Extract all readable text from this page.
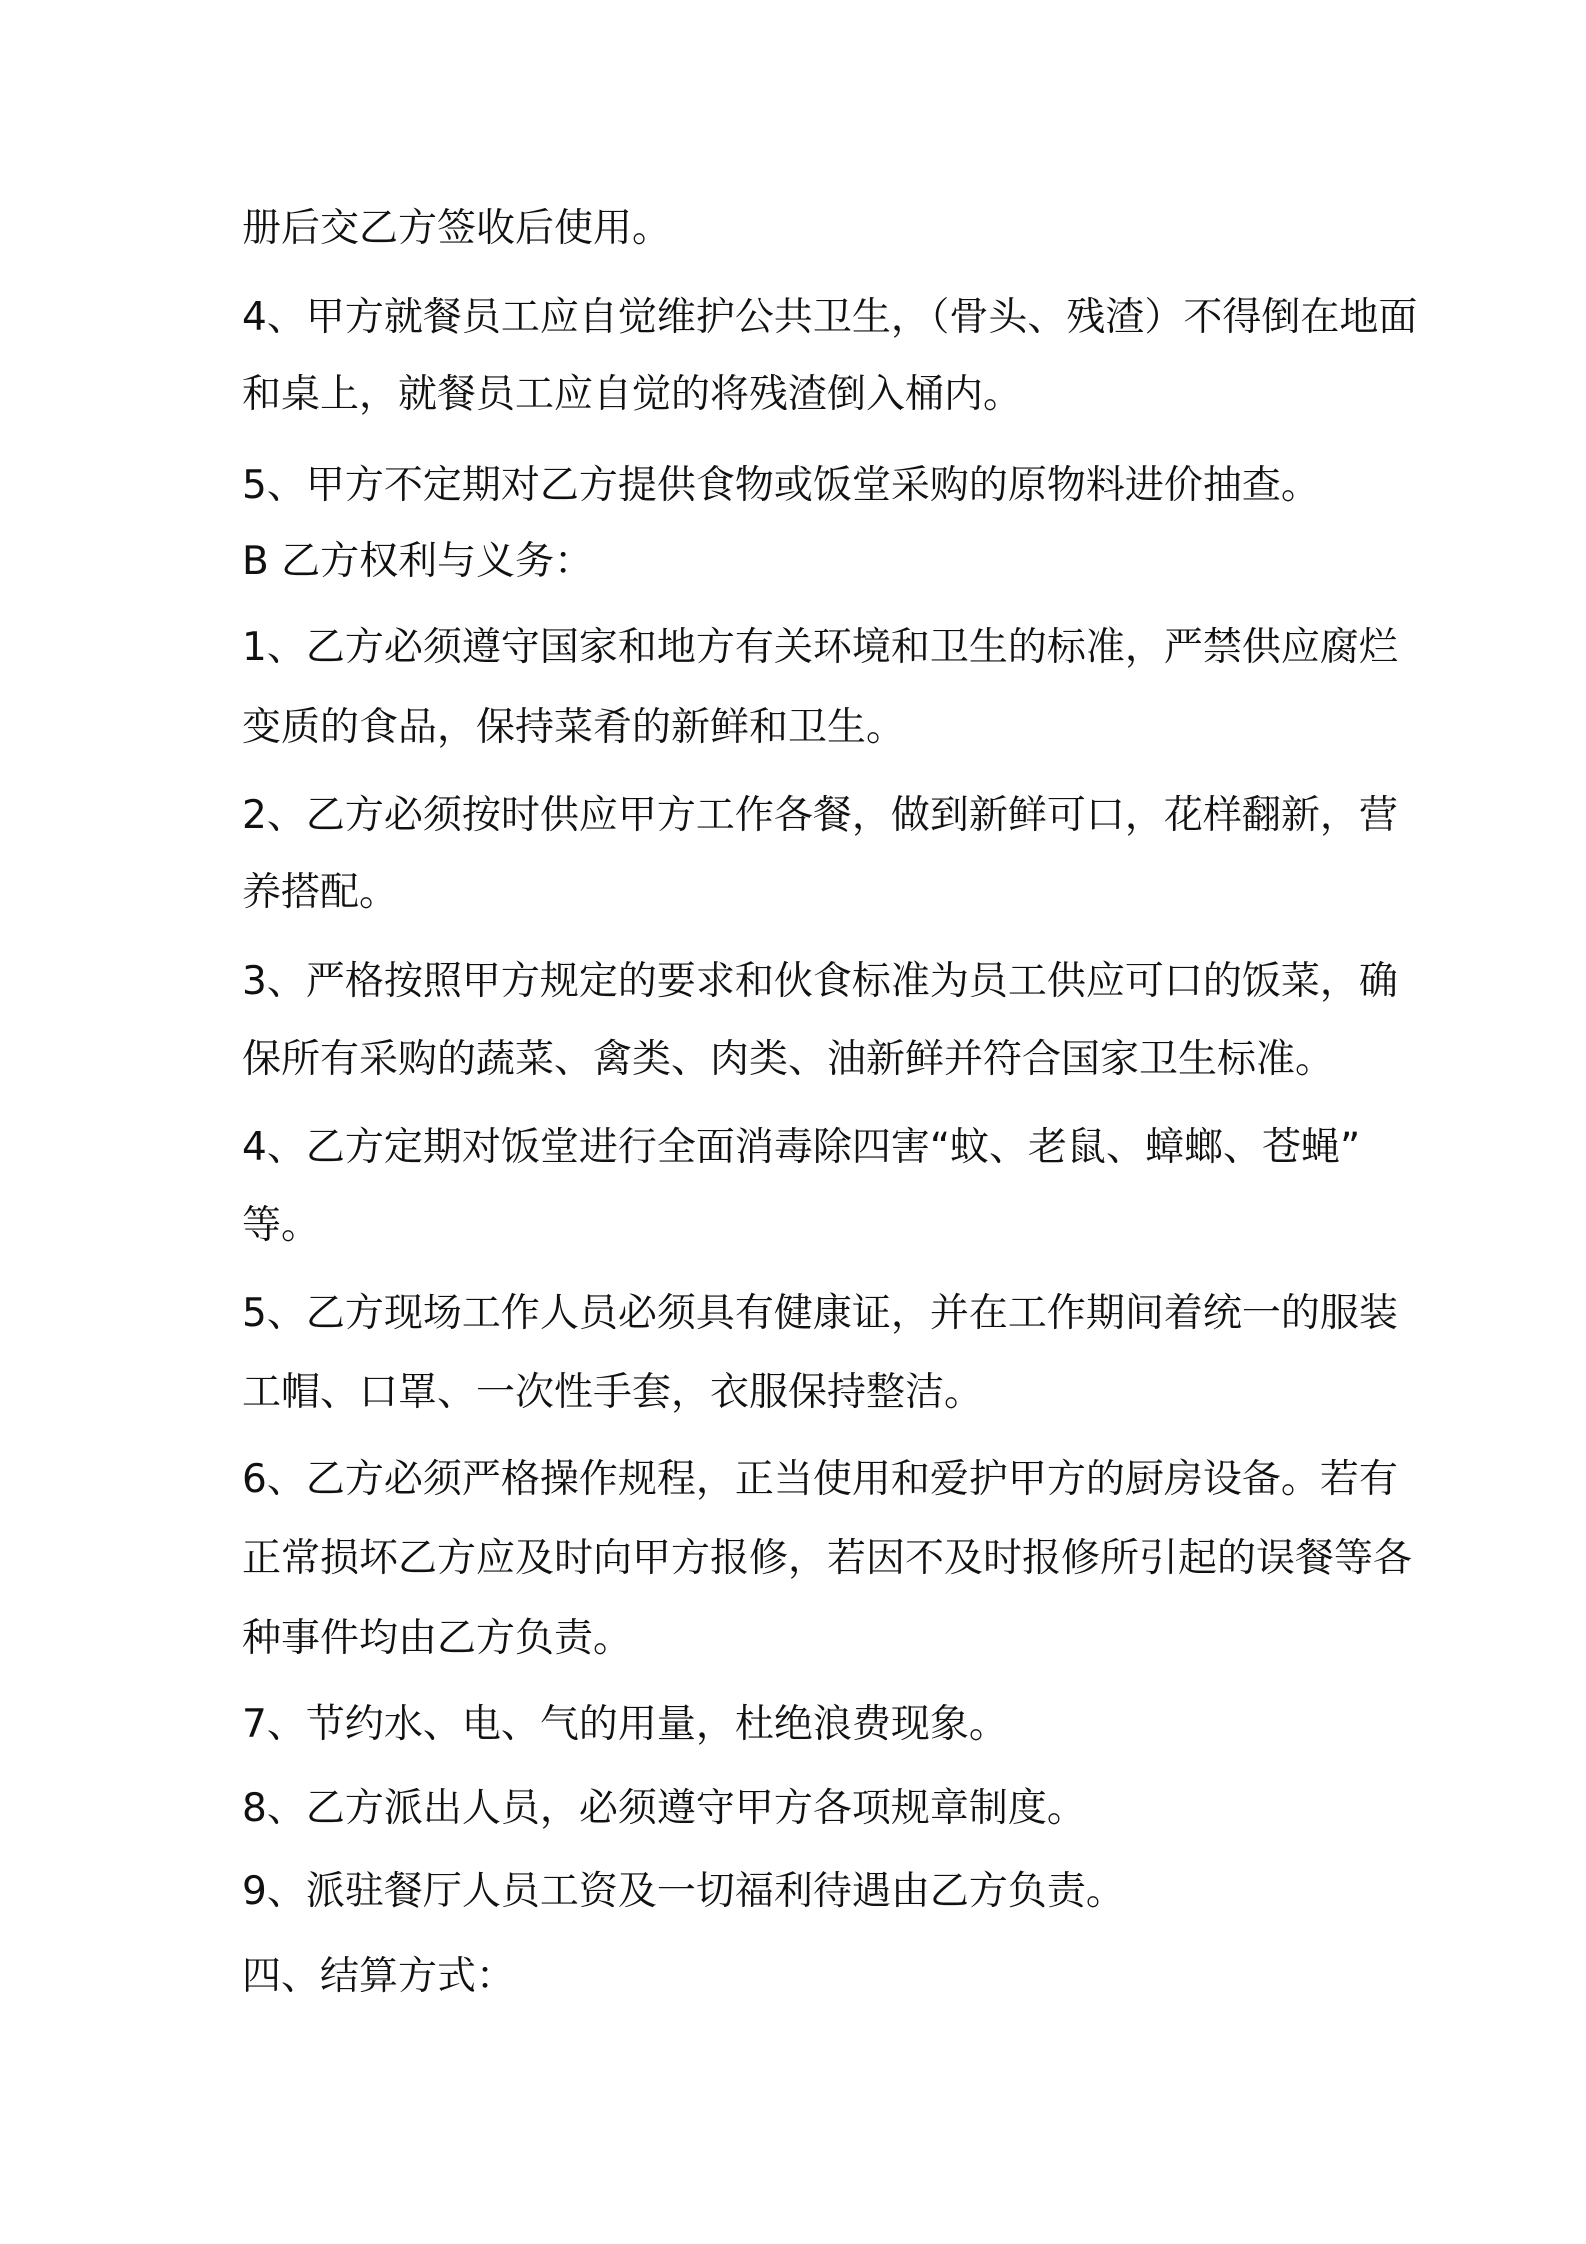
册后交乙方签收后使用。
4、甲方就餐员工应自觉维护公共卫生，（骨头、残渣）不得倒在地面
和桌上，就餐员工应自觉的将残渣倒入桶内。
5、甲方不定期对乙方提供食物或饭堂采购的原物料进价抽查。
B 乙方权利与义务：
1、乙方必须遵守国家和地方有关环境和卫生的标准，严禁供应腐烂
变质的食品，保持菜肴的新鲜和卫生。
2、乙方必须按时供应甲方工作各餐，做到新鲜可口，花样翻新，营
养搭配。
3、严格按照甲方规定的要求和伙食标准为员工供应可口的饭菜，确
保所有采购的蔬菜、禽类、肉类、油新鲜并符合国家卫生标准。
4、乙方定期对饭堂进行全面消毒除四害“蚊、老鼠、蟑螂、苍蝇”
等。
5、乙方现场工作人员必须具有健康证，并在工作期间着统一的服装
工帽、口罩、一次性手套，衣服保持整洁。
6、乙方必须严格操作规程，正当使用和爱护甲方的厨房设备。若有
正常损坏乙方应及时向甲方报修，若因不及时报修所引起的误餐等各
种事件均由乙方负责。
7、节约水、电、气的用量，杜绝浪费现象。
8、乙方派出人员，必须遵守甲方各项规章制度。
9、派驻餐厅人员工资及一切福利待遇由乙方负责。
四、结算方式：
